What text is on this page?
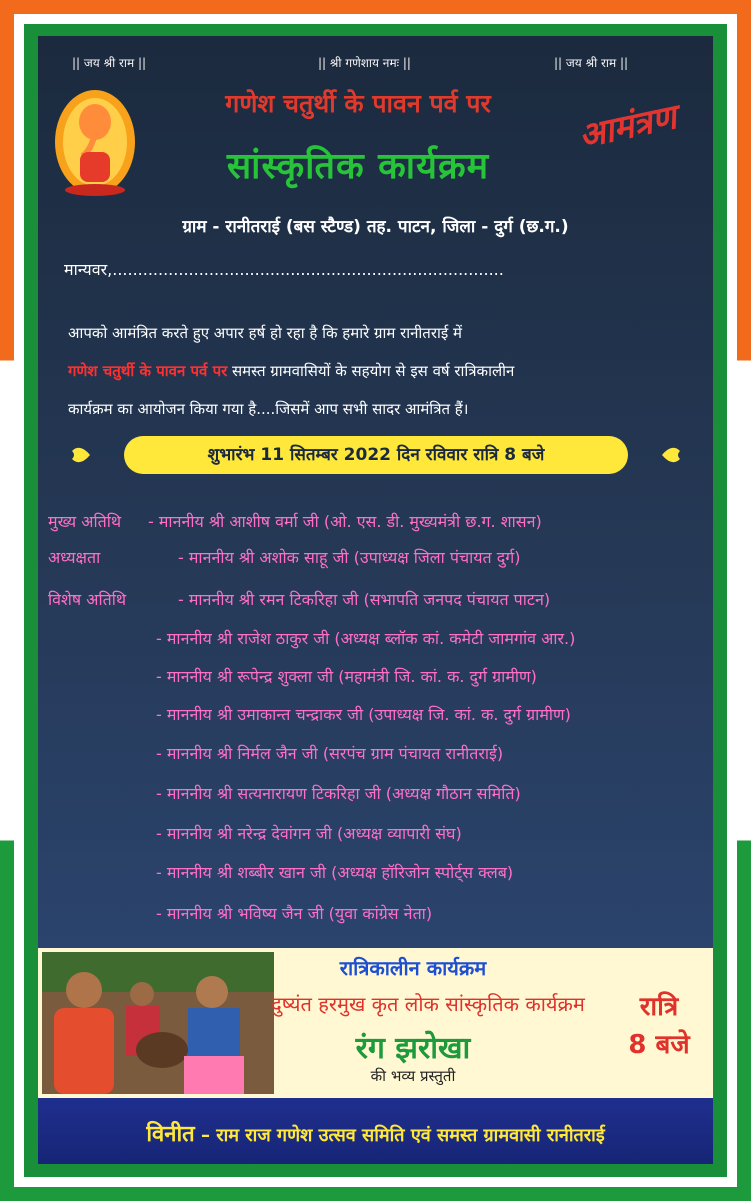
|| जय श्री राम ||	|| श्री गणेशाय नमः ||	|| जय श्री राम ||
गणेश चतुर्थी के पावन पर्व पर
सांस्कृतिक कार्यक्रम
आमंत्रण
ग्राम - रानीतराई (बस स्टैण्ड) तह. पाटन, जिला - दुर्ग (छ.ग.)
मान्यवर,.............................................................................
आपको आमंत्रित करते हुए अपार हर्ष हो रहा है कि हमारे ग्राम रानीतराई में
गणेश चतुर्थी के पावन पर्व पर समस्त ग्रामवासियों के सहयोग से इस वर्ष रात्रिकालीन
कार्यक्रम का आयोजन किया गया है....जिसमें आप सभी सादर आमंत्रित हैं।
शुभारंभ 11 सितम्बर 2022 दिन रविवार रात्रि 8 बजे
मुख्य अतिथि - माननीय श्री आशीष वर्मा जी (ओ. एस. डी. मुख्यमंत्री छ.ग. शासन)
अध्यक्षता	- माननीय श्री अशोक साहू जी (उपाध्यक्ष जिला पंचायत दुर्ग)
विशेष अतिथि	- माननीय श्री रमन टिकरिहा जी (सभापति जनपद पंचायत पाटन)
- माननीय श्री राजेश ठाकुर जी (अध्यक्ष ब्लॉक कां. कमेटी जामगांव आर.)
- माननीय श्री रूपेन्द्र शुक्ला जी (महामंत्री जि. कां. क. दुर्ग ग्रामीण)
- माननीय श्री उमाकान्त चन्द्राकर जी (उपाध्यक्ष जि. कां. क. दुर्ग ग्रामीण)
- माननीय श्री निर्मल जैन जी (सरपंच ग्राम पंचायत रानीतराई)
- माननीय श्री सत्यनारायण टिकरिहा जी (अध्यक्ष गौठान समिति)
- माननीय श्री नरेन्द्र देवांगन जी (अध्यक्ष व्यापारी संघ)
- माननीय श्री शब्बीर खान जी (अध्यक्ष हॉरिजोन स्पोर्ट्स क्लब)
- माननीय श्री भविष्य जैन जी (युवा कांग्रेस नेता)
रात्रिकालीन कार्यक्रम
दुष्यंत हरमुख कृत लोक सांस्कृतिक कार्यक्रम
रंग झरोखा
की भव्य प्रस्तुती
रात्रि
8 बजे
विनीत – राम राज गणेश उत्सव समिति एवं समस्त ग्रामवासी रानीतराई
